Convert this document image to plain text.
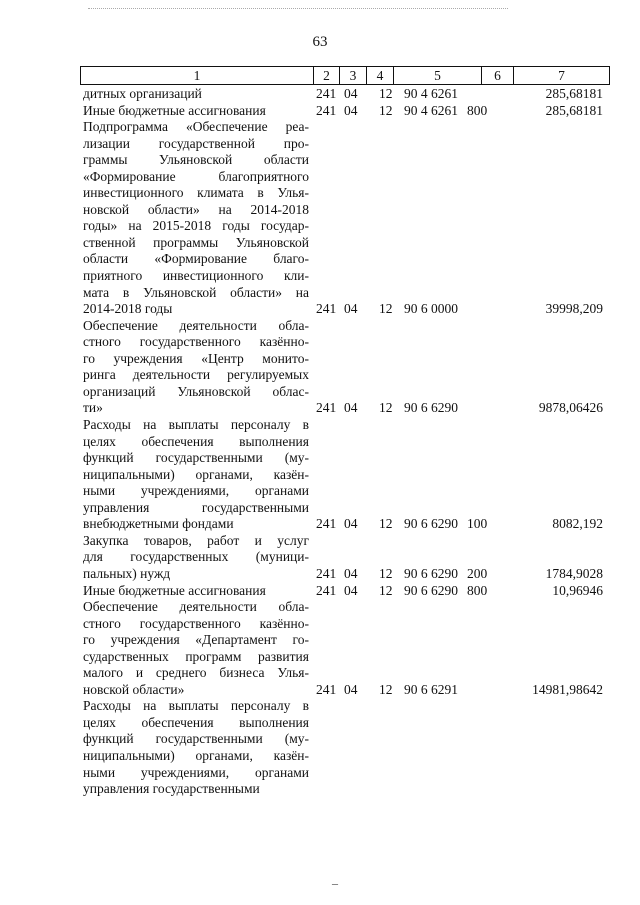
63
1	2	3	4	5	6	7
дитных организаций	241 04 12 90 4 6261	285,68181
Иные бюджетные ассигнования	241 04 12 90 4 6261 800	285,68181
Подпрограмма «Обеспечение реа-
лизации государственной про-
граммы Ульяновской области
«Формирование благоприятного
инвестиционного климата в Улья-
новской области» на 2014-2018
годы» на 2015-2018 годы государ-
ственной программы Ульяновской
области «Формирование благо-
приятного инвестиционного кли-
мата в Ульяновской области» на
2014-2018 годы	241 04 12 90 6 0000	39998,209
Обеспечение деятельности обла-
стного государственного казённо-
го учреждения «Центр монито-
ринга деятельности регулируемых
организаций Ульяновской облас-
ти»	241 04 12 90 6 6290	9878,06426
Расходы на выплаты персоналу в
целях обеспечения выполнения
функций государственными (му-
ниципальными) органами, казён-
ными учреждениями, органами
управления государственными
внебюджетными фондами	241 04 12 90 6 6290 100	8082,192
Закупка товаров, работ и услуг
для государственных (муници-
пальных) нужд	241 04 12 90 6 6290 200	1784,9028
Иные бюджетные ассигнования	241 04 12 90 6 6290 800	10,96946
Обеспечение деятельности обла-
стного государственного казённо-
го учреждения «Департамент го-
сударственных программ развития
малого и среднего бизнеса Улья-
новской области»	241 04 12 90 6 6291	14981,98642
Расходы на выплаты персоналу в
целях обеспечения выполнения
функций государственными (му-
ниципальными) органами, казён-
ными учреждениями, органами
управления государственными
–
